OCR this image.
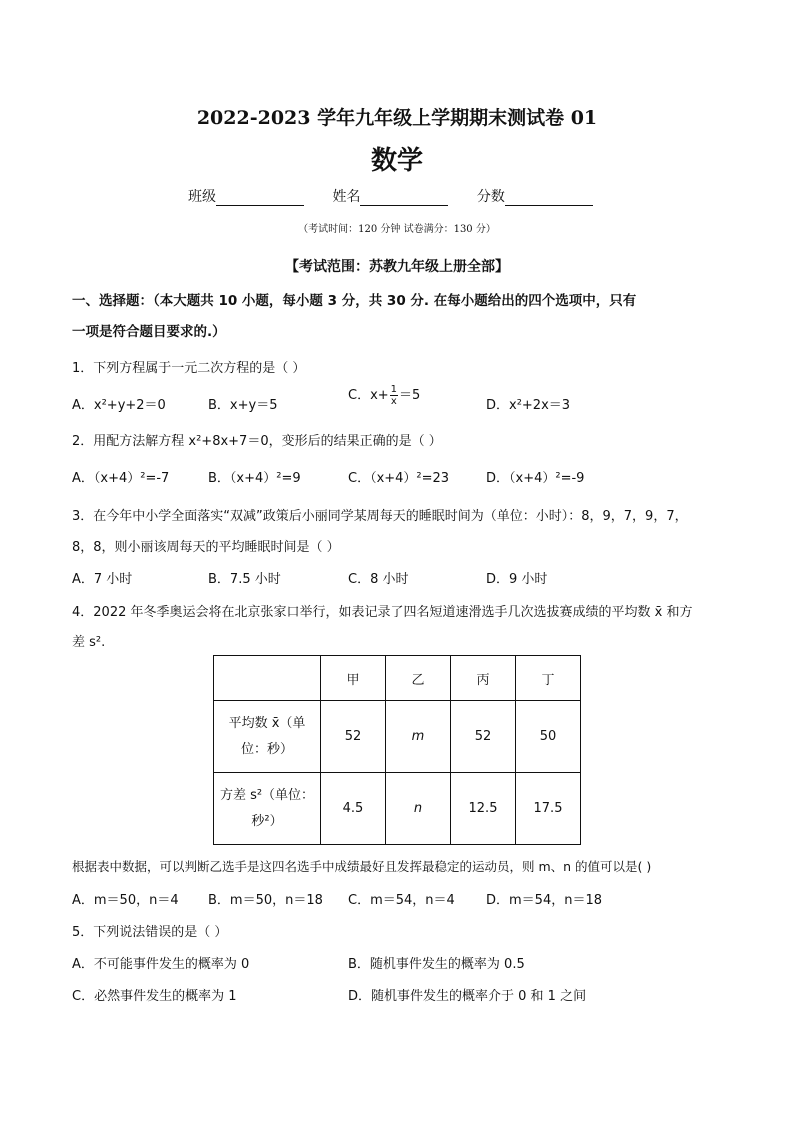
2022-2023 学年九年级上学期期末测试卷 01
数学
班级	姓名	分数
（考试时间：120 分钟 试卷满分：130 分）
【考试范围：苏教九年级上册全部】
一、选择题：（本大题共 10 小题，每小题 3 分，共 30 分. 在每小题给出的四个选项中，只有
一项是符合题目要求的.）
1．下列方程属于一元二次方程的是（ ）
A．x²+y+2＝0	B．x+y＝5
C．$x+ \frac{1}{x} =5$
D．x²+2x＝3
2．用配方法解方程 x²+8x+7＝0，变形后的结果正确的是（ ）
A．（x+4）²=-7	B．（x+4）²=9	C．（x+4）²=23	D．（x+4）²=-9
3．在今年中小学全面落实“双减”政策后小丽同学某周每天的睡眠时间为（单位：小时）：8，9，7，9，7，
8，8，则小丽该周每天的平均睡眠时间是（ ）
A．7 小时	B．7.5 小时	C．8 小时	D．9 小时
4．2022 年冬季奥运会将在北京张家口举行，如表记录了四名短道速滑选手几次选拔赛成绩的平均数 x̄ 和方
差 s².
	甲	乙	丙	丁
平均数 x̄（单
位：秒）	52	m	52	50
方差 s²（单位：
秒²）	4.5	n	12.5	17.5
根据表中数据，可以判断乙选手是这四名选手中成绩最好且发挥最稳定的运动员，则 m、n 的值可以是( )
A．m＝50，n＝4 B．m＝50，n＝18 C．m＝54，n＝4 D．m＝54，n＝18
5．下列说法错误的是（ ）
A．不可能事件发生的概率为 0	B．随机事件发生的概率为 0.5
C．必然事件发生的概率为 1	D．随机事件发生的概率介于 0 和 1 之间
